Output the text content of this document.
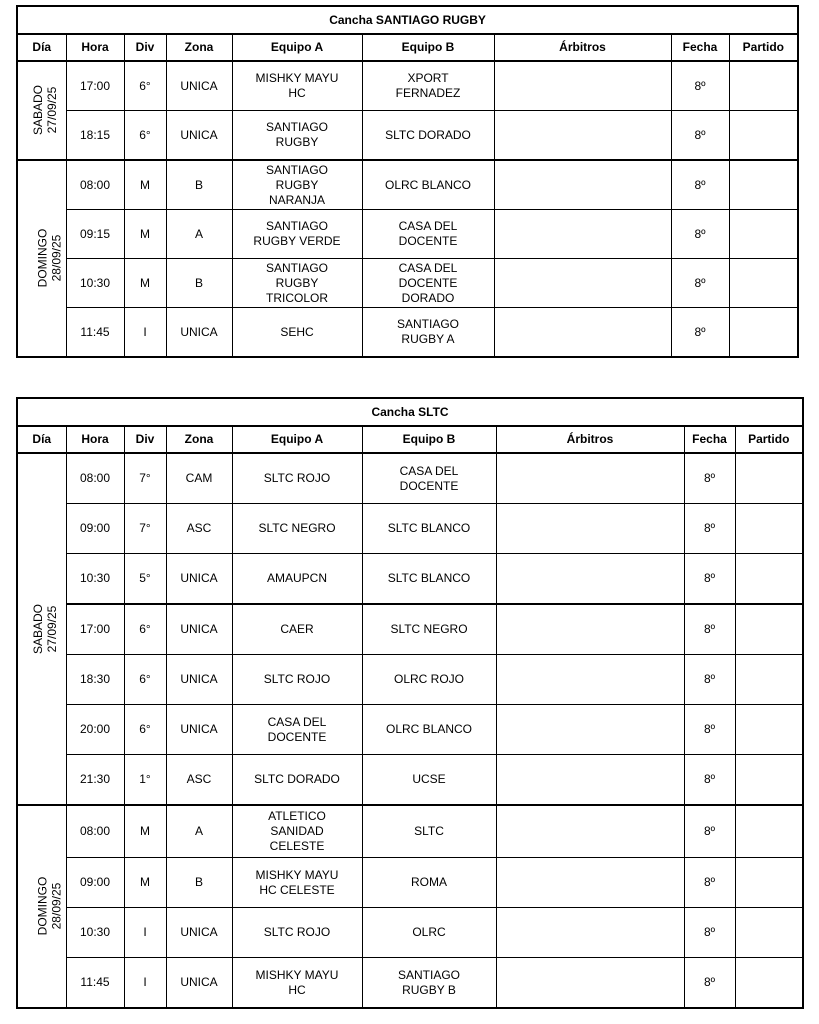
Cancha SANTIAGO RUGBY								
Día	Hora	Div	Zona	Equipo A	Equipo B	Árbitros	Fecha	Partido

SABADO 27/09/25	17:00	6°	UNICA	MISHKY MAYU
HC	XPORT
FERNADEZ		8º	
	18:15	6°	UNICA	SANTIAGO
RUGBY	SLTC DORADO		8º	

DOMINGO 28/09/25	08:00	M	B	SANTIAGO
RUGBY
NARANJA	OLRC BLANCO		8º	
	09:15	M	A	SANTIAGO
RUGBY VERDE	CASA DEL
DOCENTE		8º	
	10:30	M	B	SANTIAGO
RUGBY
TRICOLOR	CASA DEL
DOCENTE
DORADO		8º	
	11:45	I	UNICA	SEHC	SANTIAGO
RUGBY A		8º	
Cancha SLTC								
Día	Hora	Div	Zona	Equipo A	Equipo B	Árbitros	Fecha	Partido

SABADO 27/09/25	08:00	7°	CAM	SLTC ROJO	CASA DEL
DOCENTE		8º	
	09:00	7°	ASC	SLTC NEGRO	SLTC BLANCO		8º	
	10:30	5°	UNICA	AMAUPCN	SLTC BLANCO		8º	
	17:00	6°	UNICA	CAER	SLTC NEGRO		8º	
	18:30	6°	UNICA	SLTC ROJO	OLRC ROJO		8º	
	20:00	6°	UNICA	CASA DEL
DOCENTE	OLRC BLANCO		8º	
	21:30	1°	ASC	SLTC DORADO	UCSE		8º	

DOMINGO 28/09/25	08:00	M	A	ATLETICO
SANIDAD
CELESTE	SLTC		8º	
	09:00	M	B	MISHKY MAYU
HC CELESTE	ROMA		8º	
	10:30	I	UNICA	SLTC ROJO	OLRC		8º	
	11:45	I	UNICA	MISHKY MAYU
HC	SANTIAGO
RUGBY B		8º	
